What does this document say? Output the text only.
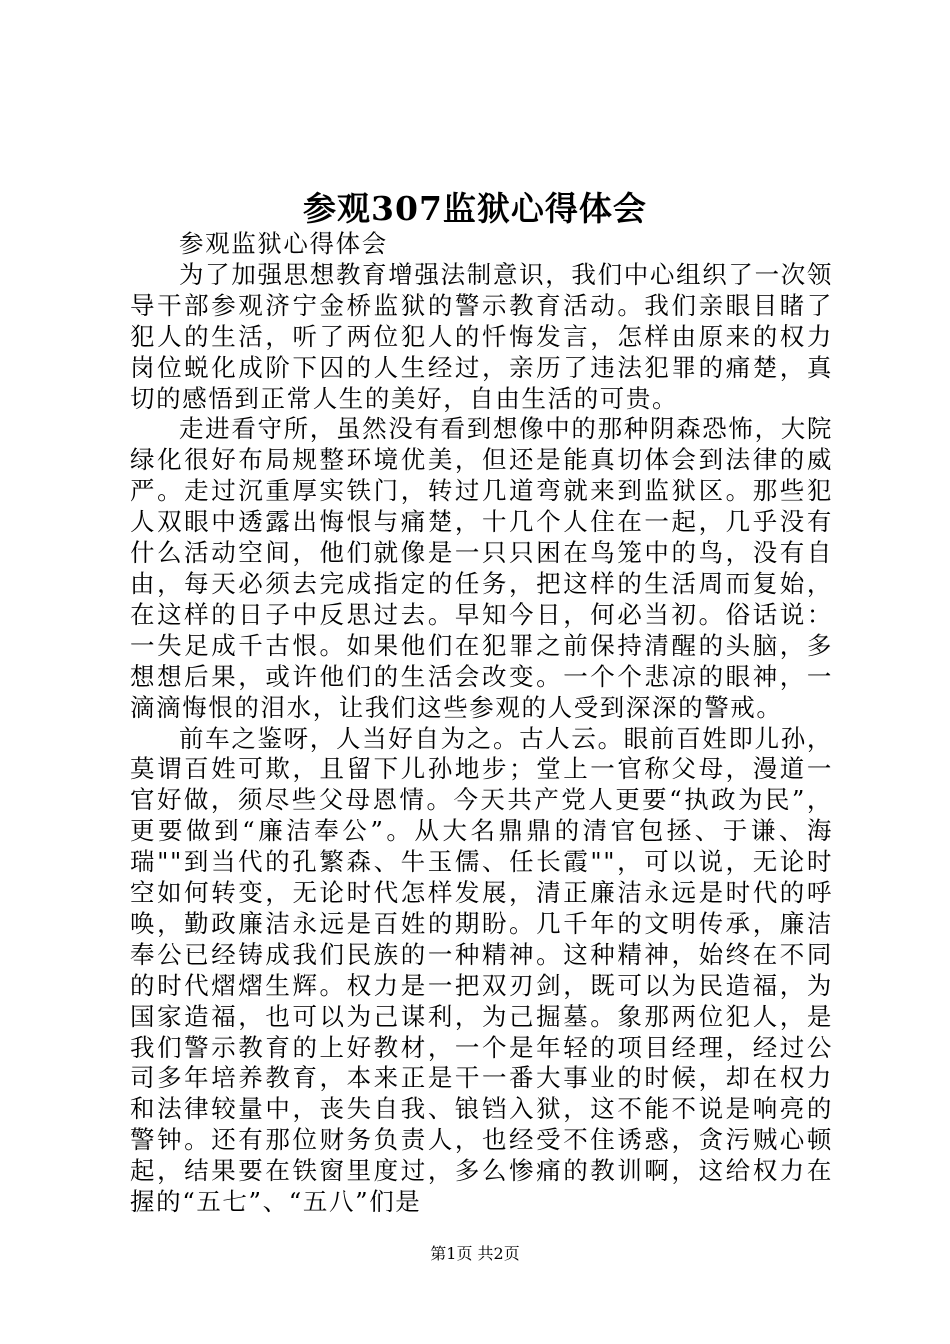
参观307监狱心得体会

参观监狱心得体会

为了加强思想教育增强法制意识，我们中心组织了一次领导干部参观济宁金桥监狱的警示教育活动。我们亲眼目睹了犯人的生活，听了两位犯人的忏悔发言，怎样由原来的权力岗位蜕化成阶下囚的人生经过，亲历了违法犯罪的痛楚，真切的感悟到正常人生的美好，自由生活的可贵。

走进看守所，虽然没有看到想像中的那种阴森恐怖，大院绿化很好布局规整环境优美，但还是能真切体会到法律的威严。走过沉重厚实铁门，转过几道弯就来到监狱区。那些犯人双眼中透露出悔恨与痛楚，十几个人住在一起，几乎没有什么活动空间，他们就像是一只只困在鸟笼中的鸟，没有自由，每天必须去完成指定的任务，把这样的生活周而复始，在这样的日子中反思过去。早知今日，何必当初。俗话说：一失足成千古恨。如果他们在犯罪之前保持清醒的头脑，多想想后果，或许他们的生活会改变。一个个悲凉的眼神，一滴滴悔恨的泪水，让我们这些参观的人受到深深的警戒。

前车之鉴呀，人当好自为之。古人云。眼前百姓即儿孙，莫谓百姓可欺，且留下儿孙地步；堂上一官称父母，漫道一官好做，须尽些父母恩情。今天共产党人更要“执政为民”，更要做到“廉洁奉公”。从大名鼎鼎的清官包拯、于谦、海瑞""到当代的孔繁森、牛玉儒、任长霞""，可以说，无论时空如何转变，无论时代怎样发展，清正廉洁永远是时代的呼唤，勤政廉洁永远是百姓的期盼。几千年的文明传承，廉洁奉公已经铸成我们民族的一种精神。这种精神，始终在不同的时代熠熠生辉。权力是一把双刃剑，既可以为民造福，为国家造福，也可以为己谋利，为己掘墓。象那两位犯人，是我们警示教育的上好教材，一个是年轻的项目经理，经过公司多年培养教育，本来正是干一番大事业的时候，却在权力和法律较量中，丧失自我、锒铛入狱，这不能不说是响亮的警钟。还有那位财务负责人，也经受不住诱惑，贪污贼心顿起，结果要在铁窗里度过，多么惨痛的教训啊，这给权力在握的“五七”、“五八”们是

第1页 共2页
